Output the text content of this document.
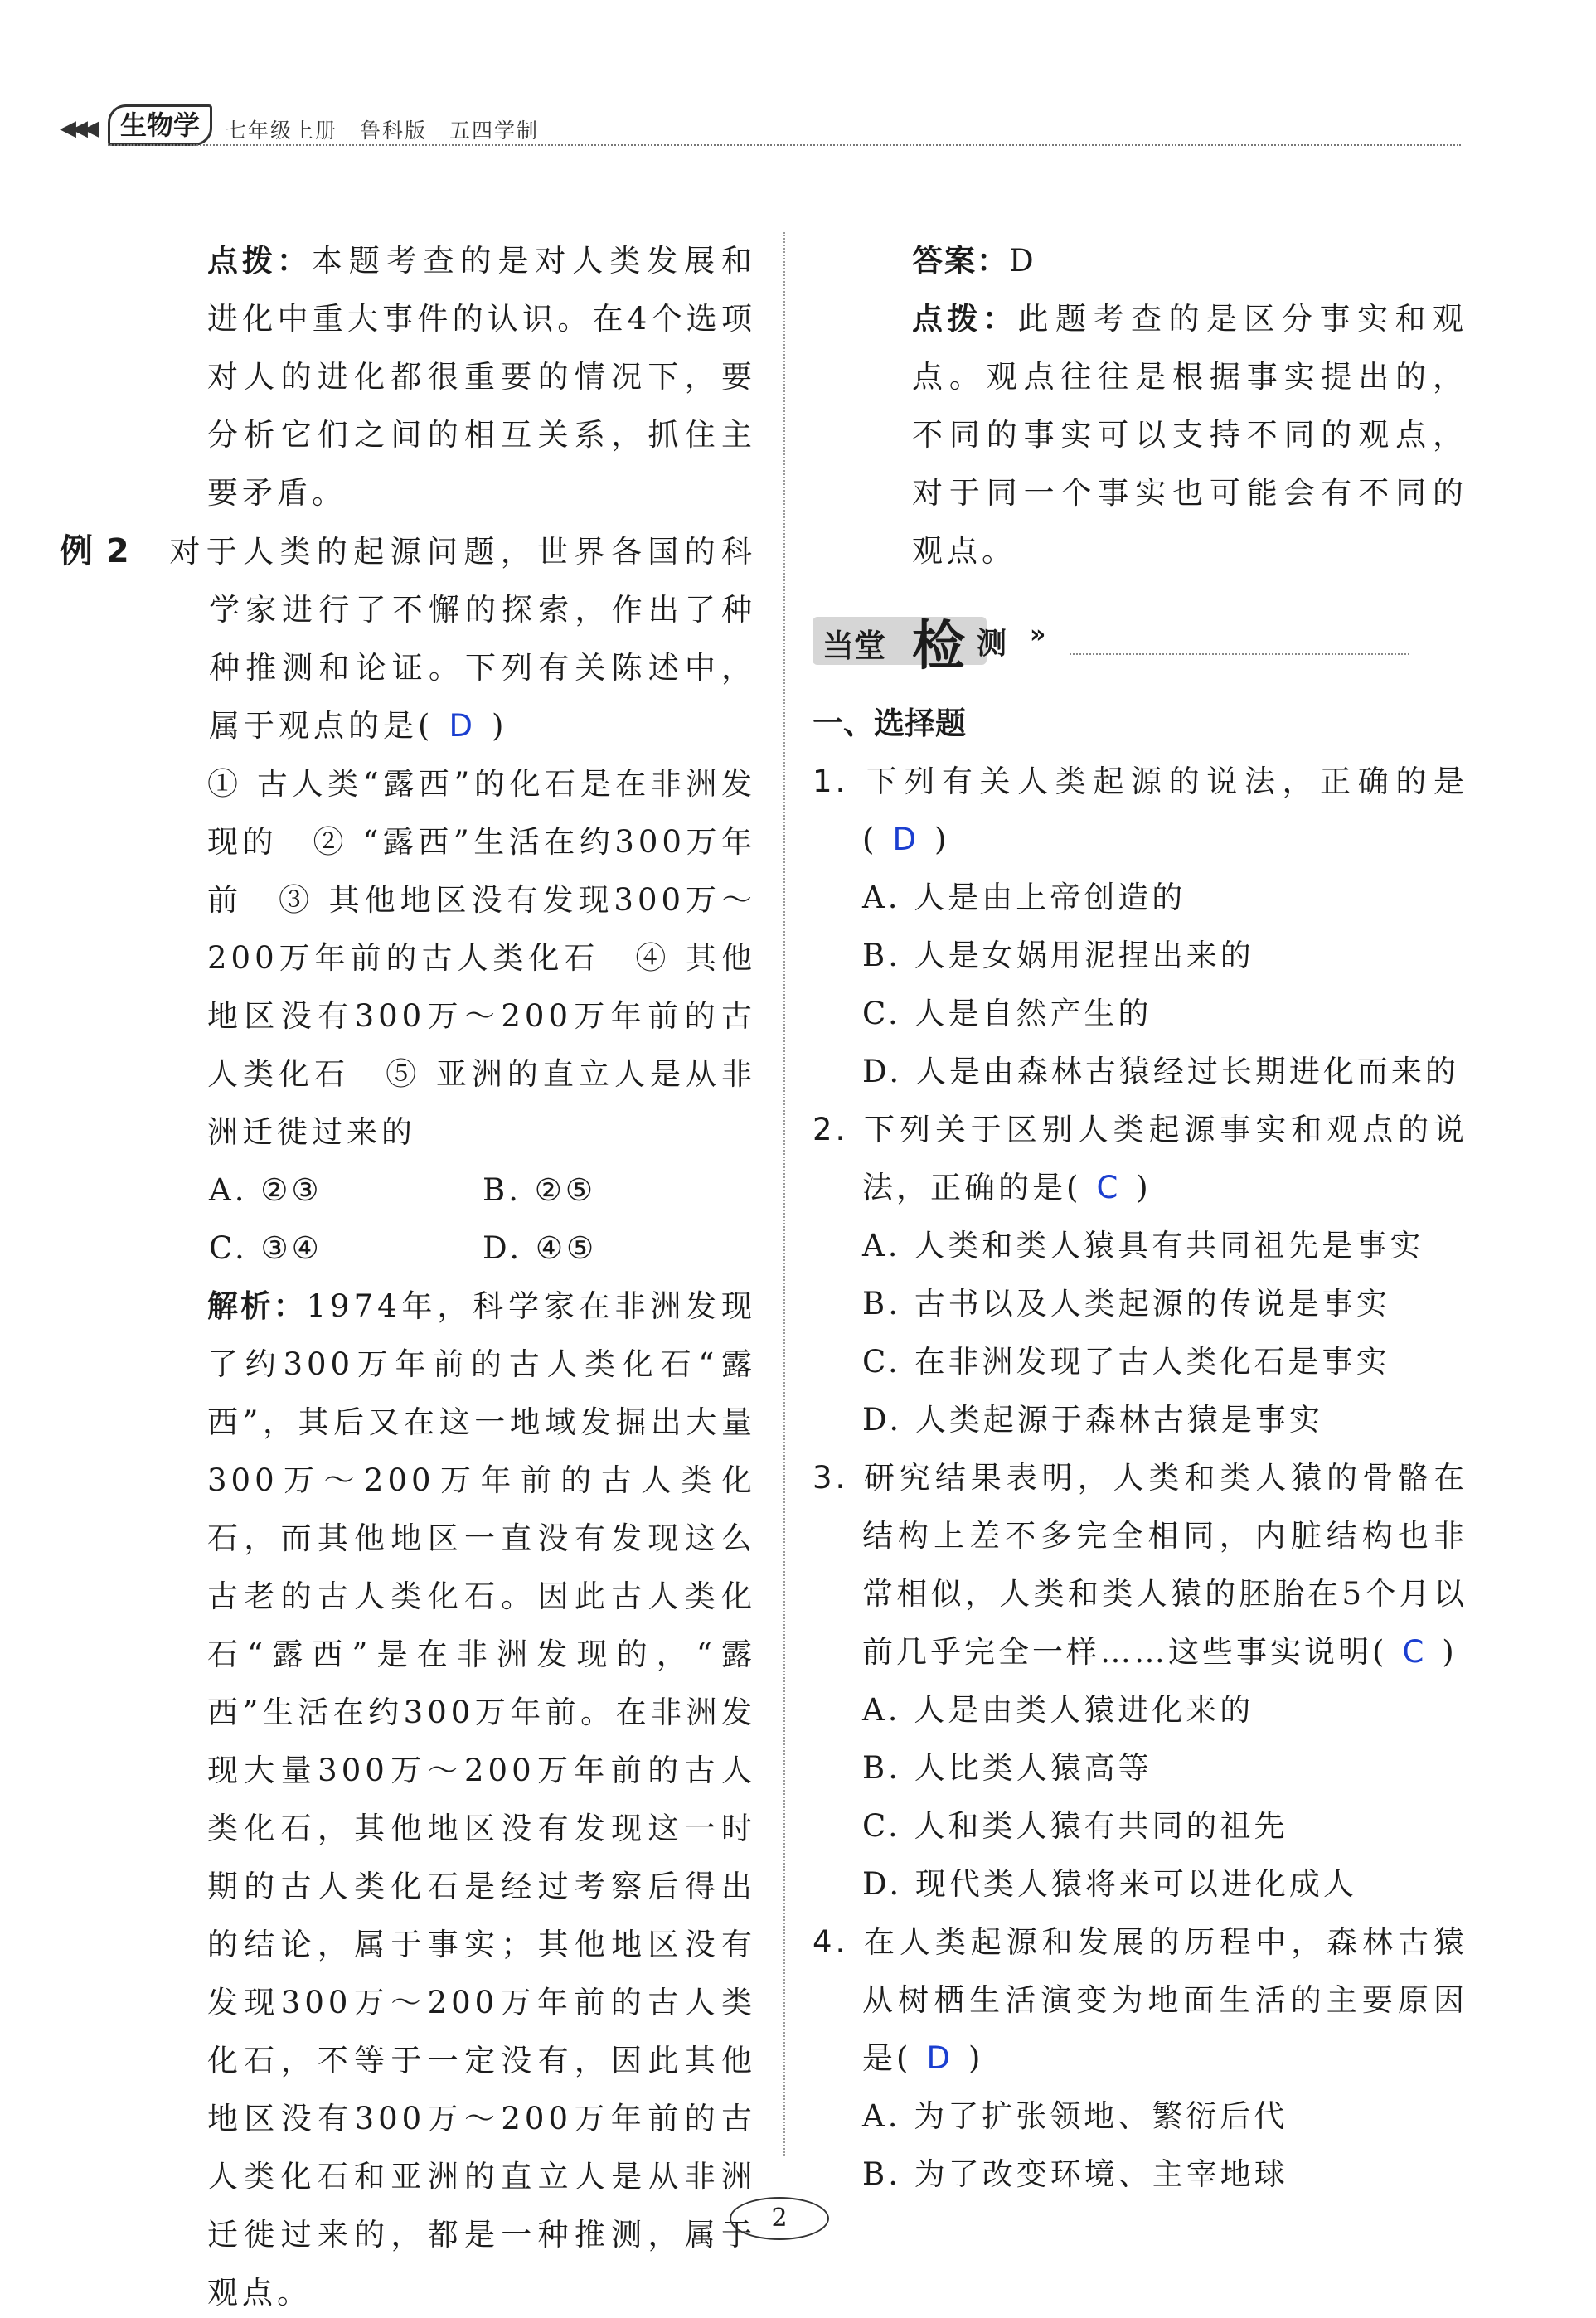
◀◀◀ 生物学	七年级上册　鲁科版　五四学制

点拨：本题考查的是对人类发展和进化中重大事件的认识。在4个选项对人的进化都很重要的情况下，要分析它们之间的相互关系，抓住主要矛盾。

例 2 对于人类的起源问题，世界各国的科学家进行了不懈的探索，作出了种种推测和论证。下列有关陈述中，属于观点的是( D )

① 古人类“露西”的化石是在非洲发现的　② “露西”生活在约300万年前　③ 其他地区没有发现300万～200万年前的古人类化石　④ 其他地区没有300万～200万年前的古人类化石　⑤ 亚洲的直立人是从非洲迁徙过来的

A. ②③	B. ②⑤
C. ③④	D. ④⑤

解析：1974年，科学家在非洲发现了约300万年前的古人类化石“露西”，其后又在这一地域发掘出大量300万～200万年前的古人类化石，而其他地区一直没有发现这么古老的古人类化石。因此古人类化石“露西”是在非洲发现的，“露西”生活在约300万年前。在非洲发现大量300万～200万年前的古人类化石，其他地区没有发现这一时期的古人类化石是经过考察后得出的结论，属于事实；其他地区没有发现300万～200万年前的古人类化石，不等于一定没有，因此其他地区没有300万～200万年前的古人类化石和亚洲的直立人是从非洲迁徙过来的，都是一种推测，属于观点。

答案：D

点拨：此题考查的是区分事实和观点。观点往往是根据事实提出的，不同的事实可以支持不同的观点，对于同一个事实也可能会有不同的观点。

当堂 检 测 »

一、选择题

1. 下列有关人类起源的说法，正确的是( D )

A. 人是由上帝创造的

B. 人是女娲用泥捏出来的

C. 人是自然产生的

D. 人是由森林古猿经过长期进化而来的

2. 下列关于区别人类起源事实和观点的说法，正确的是( C )

A. 人类和类人猿具有共同祖先是事实

B. 古书以及人类起源的传说是事实

C. 在非洲发现了古人类化石是事实

D. 人类起源于森林古猿是事实

3. 研究结果表明，人类和类人猿的骨骼在结构上差不多完全相同，内脏结构也非常相似，人类和类人猿的胚胎在5个月以前几乎完全一样……这些事实说明( C )

A. 人是由类人猿进化来的

B. 人比类人猿高等

C. 人和类人猿有共同的祖先

D. 现代类人猿将来可以进化成人

4. 在人类起源和发展的历程中，森林古猿从树栖生活演变为地面生活的主要原因是( D )

A. 为了扩张领地、繁衍后代

B. 为了改变环境、主宰地球

2
